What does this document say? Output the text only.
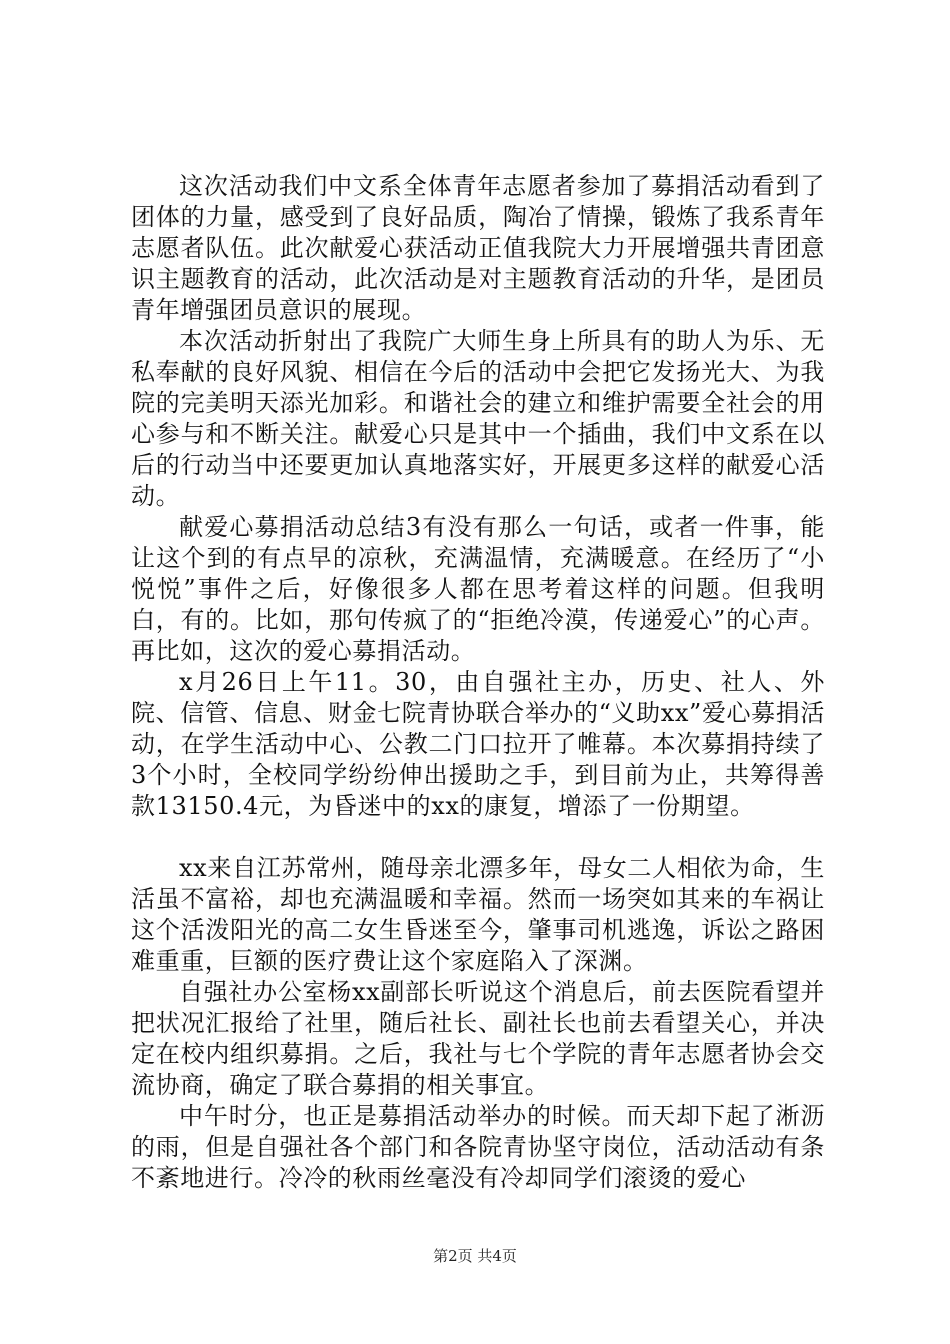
这次活动我们中文系全体青年志愿者参加了募捐活动看到了团体的力量，感受到了良好品质，陶冶了情操，锻炼了我系青年志愿者队伍。此次献爱心获活动正值我院大力开展增强共青团意识主题教育的活动，此次活动是对主题教育活动的升华，是团员青年增强团员意识的展现。

本次活动折射出了我院广大师生身上所具有的助人为乐、无私奉献的良好风貌、相信在今后的活动中会把它发扬光大、为我院的完美明天添光加彩。和谐社会的建立和维护需要全社会的用心参与和不断关注。献爱心只是其中一个插曲，我们中文系在以后的行动当中还要更加认真地落实好，开展更多这样的献爱心活动。

献爱心募捐活动总结3有没有那么一句话，或者一件事，能让这个到的有点早的凉秋，充满温情，充满暖意。在经历了“小悦悦”事件之后，好像很多人都在思考着这样的问题。但我明白，有的。比如，那句传疯了的“拒绝冷漠，传递爱心”的心声。再比如，这次的爱心募捐活动。

x月26日上午11。30，由自强社主办，历史、社人、外院、信管、信息、财金七院青协联合举办的“义助xx”爱心募捐活动，在学生活动中心、公教二门口拉开了帷幕。本次募捐持续了3个小时，全校同学纷纷伸出援助之手，到目前为止，共筹得善款13150.4元，为昏迷中的xx的康复，增添了一份期望。

xx来自江苏常州，随母亲北漂多年，母女二人相依为命，生活虽不富裕，却也充满温暖和幸福。然而一场突如其来的车祸让这个活泼阳光的高二女生昏迷至今，肇事司机逃逸，诉讼之路困难重重，巨额的医疗费让这个家庭陷入了深渊。

自强社办公室杨xx副部长听说这个消息后，前去医院看望并把状况汇报给了社里，随后社长、副社长也前去看望关心，并决定在校内组织募捐。之后，我社与七个学院的青年志愿者协会交流协商，确定了联合募捐的相关事宜。

中午时分，也正是募捐活动举办的时候。而天却下起了淅沥的雨，但是自强社各个部门和各院青协坚守岗位，活动活动有条不紊地进行。冷冷的秋雨丝毫没有冷却同学们滚烫的爱心

第2页 共4页
